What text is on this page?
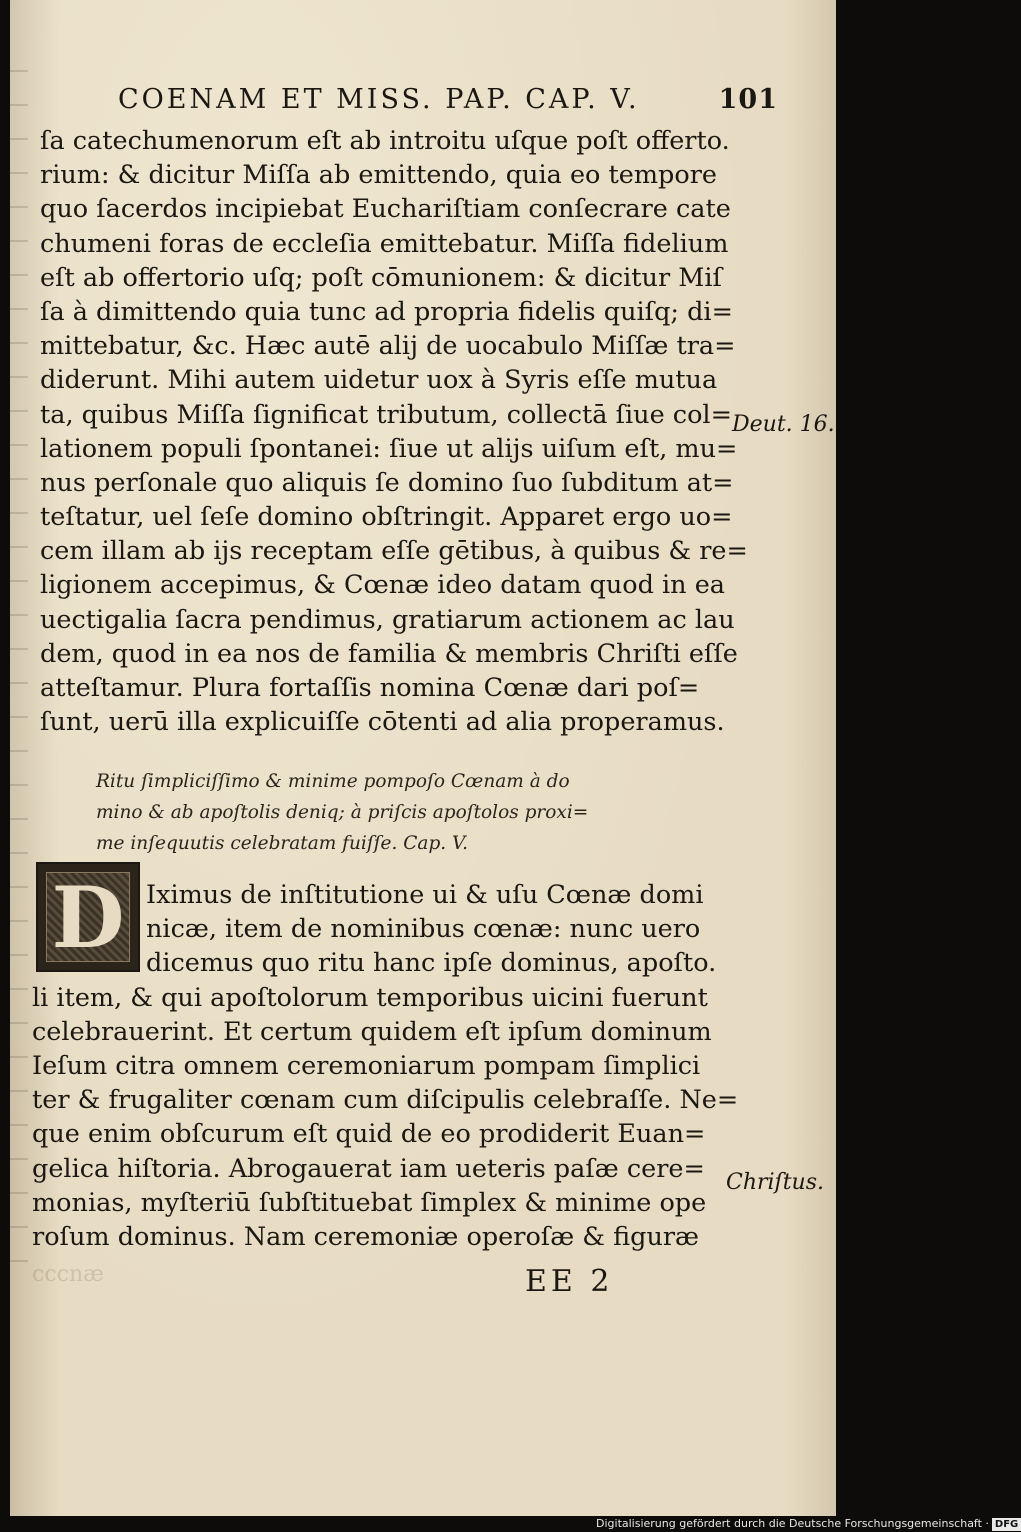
COENAM ET MISS. PAP. CAP. V.	101
ſa catechumenorum eſt ab introitu uſque poſt offerto.
rium: & dicitur Miſſa ab emittendo, quia eo tempore
quo ſacerdos incipiebat Euchariſtiam conſecrare cate
chumeni foras de eccleſia emittebatur. Miſſa fidelium
eſt ab offertorio uſq; poſt cōmunionem: & dicitur Miſ
ſa à dimittendo quia tunc ad propria fidelis quiſq; di=
mittebatur, &c. Hæc autē alij de uocabulo Miſſæ tra=
diderunt. Mihi autem uidetur uox à Syris eſſe mutua
ta, quibus Miſſa ſignificat tributum, collectā ſiue col=
lationem populi ſpontanei: ſiue ut alijs uiſum eſt, mu=
nus perſonale quo aliquis ſe domino ſuo ſubditum at=
teſtatur, uel ſeſe domino obſtringit. Apparet ergo uo=
cem illam ab ijs receptam eſſe gētibus, à quibus & re=
ligionem accepimus, & Cœnæ ideo datam quod in ea
uectigalia ſacra pendimus, gratiarum actionem ac lau
dem, quod in ea nos de familia & membris Chriſti eſſe
atteſtamur. Plura fortaſſis nomina Cœnæ dari poſ=
ſunt, uerū illa explicuiſſe cōtenti ad alia properamus.
Deut. 16.
Ritu ſimpliciſſimo & minime pompoſo Cœnam à do
mino & ab apoſtolis deniq; à priſcis apoſtolos proxi=
me inſequutis celebratam fuiſſe. Cap. V.
D Iximus de inſtitutione ui & uſu Cœnæ domi
nicæ, item de nominibus cœnæ: nunc uero
dicemus quo ritu hanc ipſe dominus, apoſto.
li item, & qui apoſtolorum temporibus uicini fuerunt
celebrauerint. Et certum quidem eſt ipſum dominum
Ieſum citra omnem ceremoniarum pompam ſimplici
ter & frugaliter cœnam cum diſcipulis celebraſſe. Ne=
que enim obſcurum eſt quid de eo prodiderit Euan=
gelica hiſtoria. Abrogauerat iam ueteris paſæ cere=
monias, myſteriū ſubſtituebat ſimplex & minime ope
roſum dominus. Nam ceremoniæ operoſæ & figuræ
Chriſtus.
cccnæ	EE 2
Digitalisierung gefördert durch die Deutsche Forschungsgemeinschaft · DFG
